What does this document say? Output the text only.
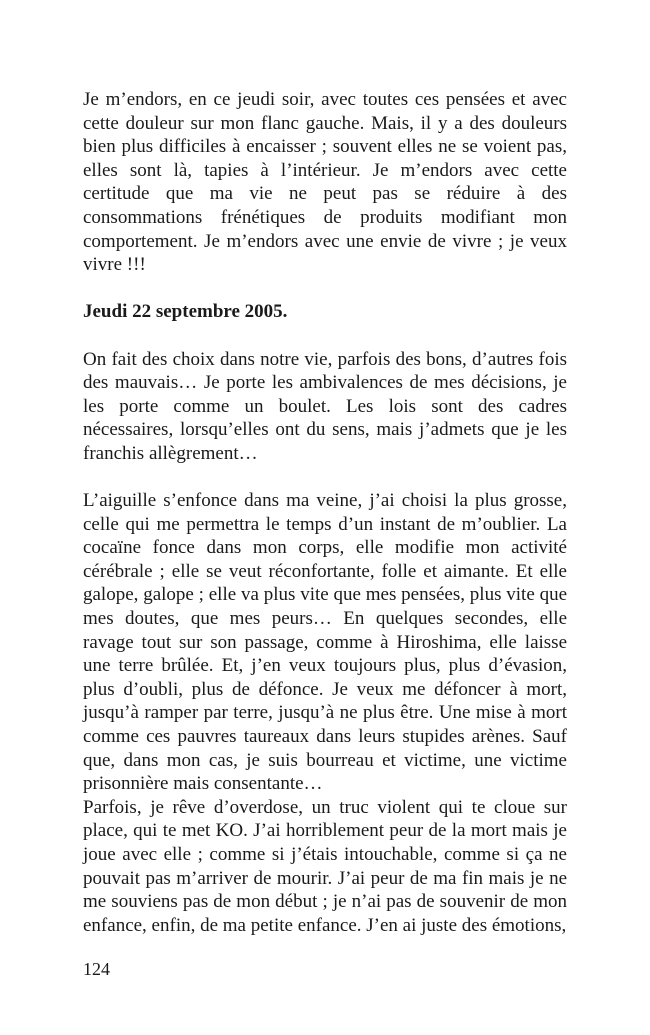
Je m’endors, en ce jeudi soir, avec toutes ces pensées et avec cette douleur sur mon flanc gauche. Mais, il y a des douleurs bien plus difficiles à encaisser ; souvent elles ne se voient pas, elles sont là, tapies à l’intérieur. Je m’endors avec cette certitude que ma vie ne peut pas se réduire à des consommations frénétiques de produits modifiant mon comportement. Je m’endors avec une envie de vivre ; je veux vivre !!!

Jeudi 22 septembre 2005.

On fait des choix dans notre vie, parfois des bons, d’autres fois des mauvais… Je porte les ambivalences de mes décisions, je les porte comme un boulet. Les lois sont des cadres nécessaires, lorsqu’elles ont du sens, mais j’admets que je les franchis allègrement…

L’aiguille s’enfonce dans ma veine, j’ai choisi la plus grosse, celle qui me permettra le temps d’un instant de m’oublier. La cocaïne fonce dans mon corps, elle modifie mon activité cérébrale ; elle se veut réconfortante, folle et aimante. Et elle galope, galope ; elle va plus vite que mes pensées, plus vite que mes doutes, que mes peurs… En quelques secondes, elle ravage tout sur son passage, comme à Hiroshima, elle laisse une terre brûlée. Et, j’en veux toujours plus, plus d’évasion, plus d’oubli, plus de défonce. Je veux me défoncer à mort, jusqu’à ramper par terre, jusqu’à ne plus être. Une mise à mort comme ces pauvres taureaux dans leurs stupides arènes. Sauf que, dans mon cas, je suis bourreau et victime, une victime prisonnière mais consentante…

Parfois, je rêve d’overdose, un truc violent qui te cloue sur place, qui te met KO. J’ai horriblement peur de la mort mais je joue avec elle ; comme si j’étais intouchable, comme si ça ne pouvait pas m’arriver de mourir. J’ai peur de ma fin mais je ne me souviens pas de mon début ; je n’ai pas de souvenir de mon enfance, enfin, de ma petite enfance. J’en ai juste des émotions,

124
